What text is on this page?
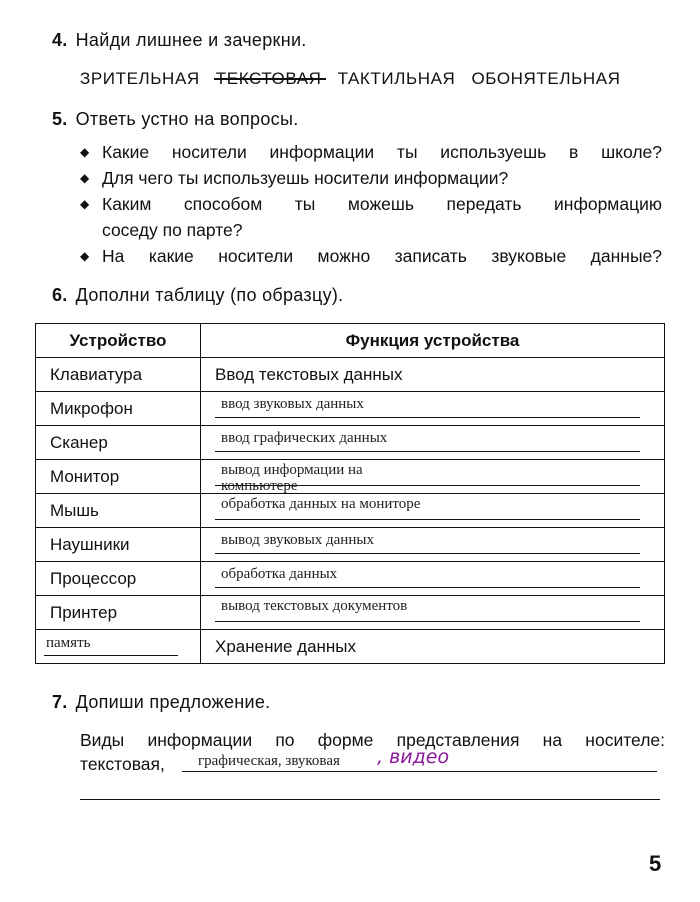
4. Найди лишнее и зачеркни.
ЗРИТЕЛЬНАЯ ТЕКСТОВАЯ ТАКТИЛЬНАЯ ОБОНЯТЕЛЬНАЯ
5. Ответь устно на вопросы.
◆ Какие носители информации ты используешь в школе?
◆ Для чего ты используешь носители информации?
◆ Каким способом ты можешь передать информацию
соседу по парте?
◆ На какие носители можно записать звуковые данные?
6. Дополни таблицу (по образцу).
Устройство	Функция устройства
Клавиатура	Ввод текстовых данных
Микрофон	ввод звуковых данных

Сканер	ввод графических данных

Монитор	вывод информации на компьютере

Мышь	обработка данных на мониторе

Наушники	вывод звуковых данных

Процессор	обработка данных

Принтер	вывод текстовых документов

память	Хранение данных
7. Допиши предложение.
Виды информации по форме представления на носителе:
текстовая, графическая, звуковая , видео
5
